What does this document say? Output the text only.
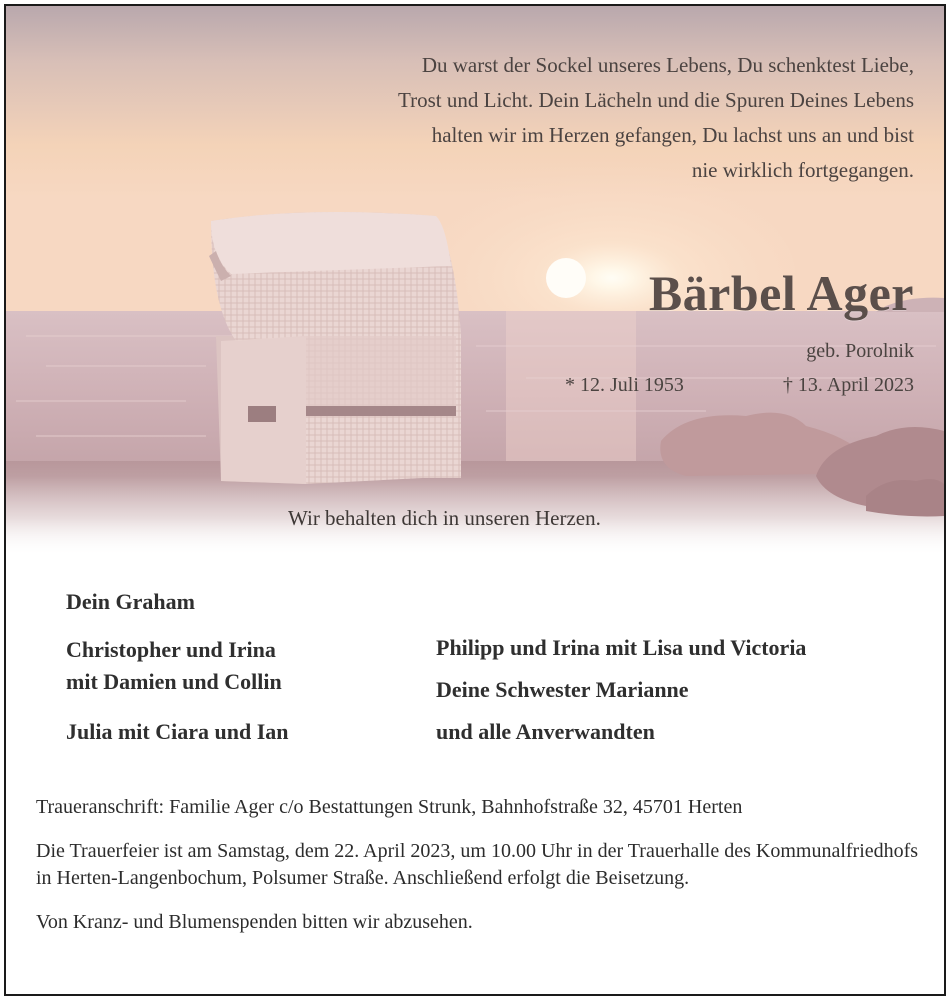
Du warst der Sockel unseres Lebens, Du schenktest Liebe,
Trost und Licht. Dein Lächeln und die Spuren Deines Lebens
halten wir im Herzen gefangen, Du lachst uns an und bist
nie wirklich fortgegangen.
Bärbel Ager
geb. Porolnik
* 12. Juli 1953	† 13. April 2023
Wir behalten dich in unseren Herzen.
Dein Graham
Christopher und Irina
mit Damien und Collin
Julia mit Ciara und Ian
Philipp und Irina mit Lisa und Victoria
Deine Schwester Marianne
und alle Anverwandten

Traueranschrift: Familie Ager c/o Bestattungen Strunk, Bahnhofstraße 32, 45701 Herten

Die Trauerfeier ist am Samstag, dem 22. April 2023, um 10.00 Uhr in der Trauerhalle des Kommunalfriedhofs in Herten-Langenbochum, Polsumer Straße. Anschließend erfolgt die Beisetzung.

Von Kranz- und Blumenspenden bitten wir abzusehen.
